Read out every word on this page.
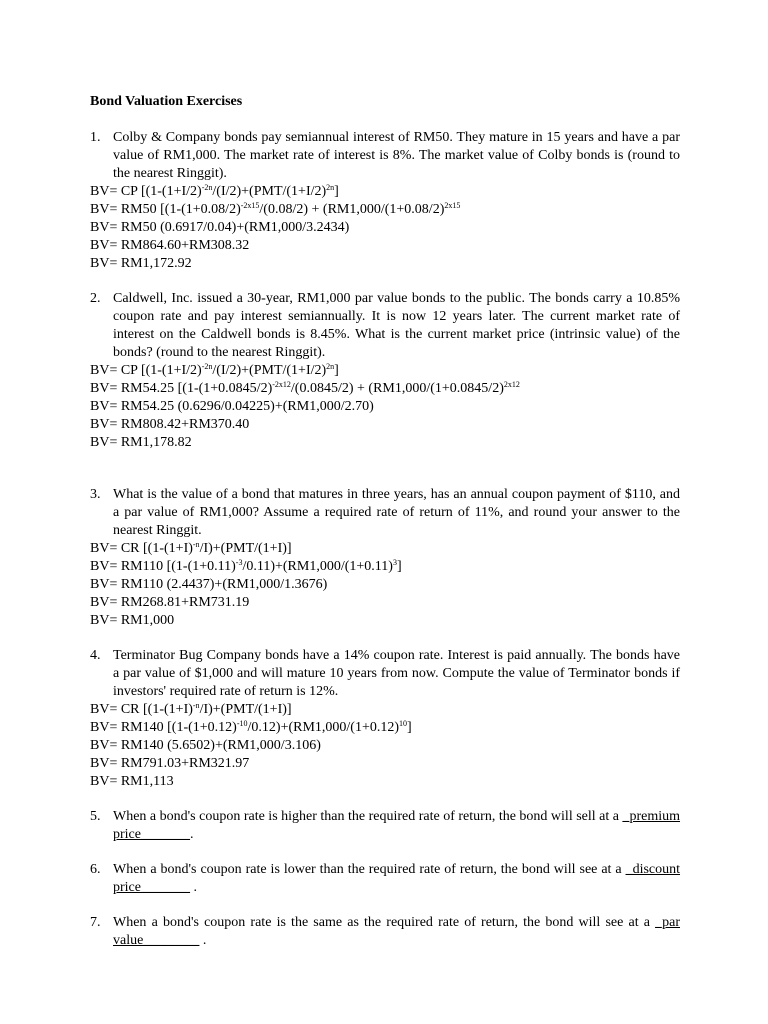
Bond Valuation Exercises
1. Colby & Company bonds pay semiannual interest of RM50. They mature in 15 years and have a par value of RM1,000. The market rate of interest is 8%. The market value of Colby bonds is (round to the nearest Ringgit).
BV= CP [($1-(1+I/2)^{-2n}/(I/2)+(PMT/(1+I/2)^{2n}]$
BV= RM50 [($1-(1+0.08/2)^{-2x15}/(0.08/2) + (RM1,000/(1+0.08/2)^{2x15}$
BV= RM50 (0.6917/0.04)+(RM1,000/3.2434)
BV= RM864.60+RM308.32
BV= RM1,172.92
2. Caldwell, Inc. issued a 30-year, RM1,000 par value bonds to the public. The bonds carry a 10.85% coupon rate and pay interest semiannually. It is now 12 years later. The current market rate of interest on the Caldwell bonds is 8.45%. What is the current market price (intrinsic value) of the bonds? (round to the nearest Ringgit).
BV= CP [($1-(1+I/2)^{-2n}/(I/2)+(PMT/(1+I/2)^{2n}]$
BV= RM54.25 [($1-(1+0.0845/2)^{-2x12}/(0.0845/2) + (RM1,000/(1+0.0845/2)^{2x12}$
BV= RM54.25 (0.6296/0.04225)+(RM1,000/2.70)
BV= RM808.42+RM370.40
BV= RM1,178.82
3. What is the value of a bond that matures in three years, has an annual coupon payment of $110, and a par value of RM1,000? Assume a required rate of return of 11%, and round your answer to the nearest Ringgit.
BV= CR [$(1-(1+I)^{-n}/I)+(PMT/(1+I)]$
BV= RM110 [$(1-(1+0.11)^{-3}/0.11)+(RM1,000/(1+0.11)^3]$
BV= RM110 (2.4437)+(RM1,000/1.3676)
BV= RM268.81+RM731.19
BV= RM1,000
4. Terminator Bug Company bonds have a 14% coupon rate. Interest is paid annually. The bonds have a par value of $1,000 and will mature 10 years from now. Compute the value of Terminator bonds if investors' required rate of return is 12%.
BV= CR [$(1-(1+I)^{-n}/I)+(PMT/(1+I)]$
BV= RM140 [$(1-(1+0.12)^{-10}/0.12)+(RM1,000/(1+0.12)^{10}]$
BV= RM140 (5.6502)+(RM1,000/3.106)
BV= RM791.03+RM321.97
BV= RM1,113
5. When a bond's coupon rate is higher than the required rate of return, the bond will sell at a _premium price_______.
6. When a bond's coupon rate is lower than the required rate of return, the bond will see at a _discount price_______ .
7. When a bond's coupon rate is the same as the required rate of return, the bond will see at a _par value________ .
